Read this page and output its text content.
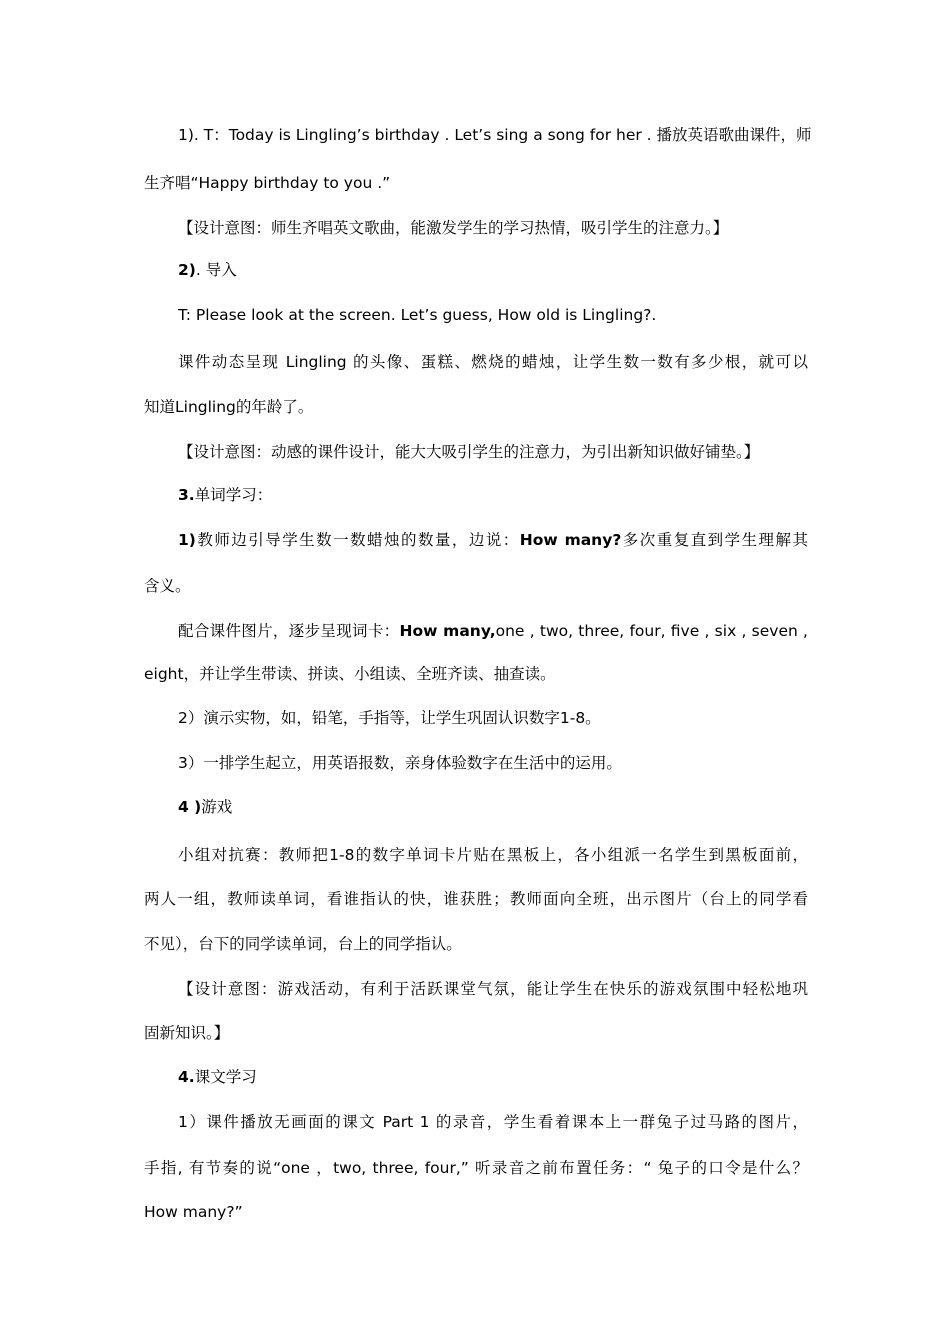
1). T：Today is Lingling’s birthday . Let’s sing a song for her . 播放英语歌曲课件，师
生齐唱“Happy birthday to you .”
【设计意图：师生齐唱英文歌曲，能激发学生的学习热情，吸引学生的注意力。】
2). 导入
T: Please look at the screen. Let’s guess, How old is Lingling?.
课件动态呈现 Lingling 的头像、蛋糕、燃烧的蜡烛，让学生数一数有多少根，就可以
知道Lingling的年龄了。
【设计意图：动感的课件设计，能大大吸引学生的注意力，为引出新知识做好铺垫。】
3.单词学习：
1)教师边引导学生数一数蜡烛的数量，边说：How many?多次重复直到学生理解其
含义。
配合课件图片，逐步呈现词卡：How many,one , two, three, four, five , six , seven ,
eight，并让学生带读、拼读、小组读、全班齐读、抽查读。
2）演示实物，如，铅笔，手指等，让学生巩固认识数字1-8。
3）一排学生起立，用英语报数，亲身体验数字在生活中的运用。
4 )游戏
小组对抗赛：教师把1-8的数字单词卡片贴在黑板上，各小组派一名学生到黑板面前，
两人一组，教师读单词，看谁指认的快，谁获胜；教师面向全班，出示图片（台上的同学看
不见），台下的同学读单词，台上的同学指认。
【设计意图：游戏活动，有利于活跃课堂气氛，能让学生在快乐的游戏氛围中轻松地巩
固新知识。】
4.课文学习
1）课件播放无画面的课文 Part 1 的录音，学生看着课本上一群兔子过马路的图片，
手指, 有节奏的说“one ，two, three, four,” 听录音之前布置任务：“ 兔子的口令是什么？
How many?”
